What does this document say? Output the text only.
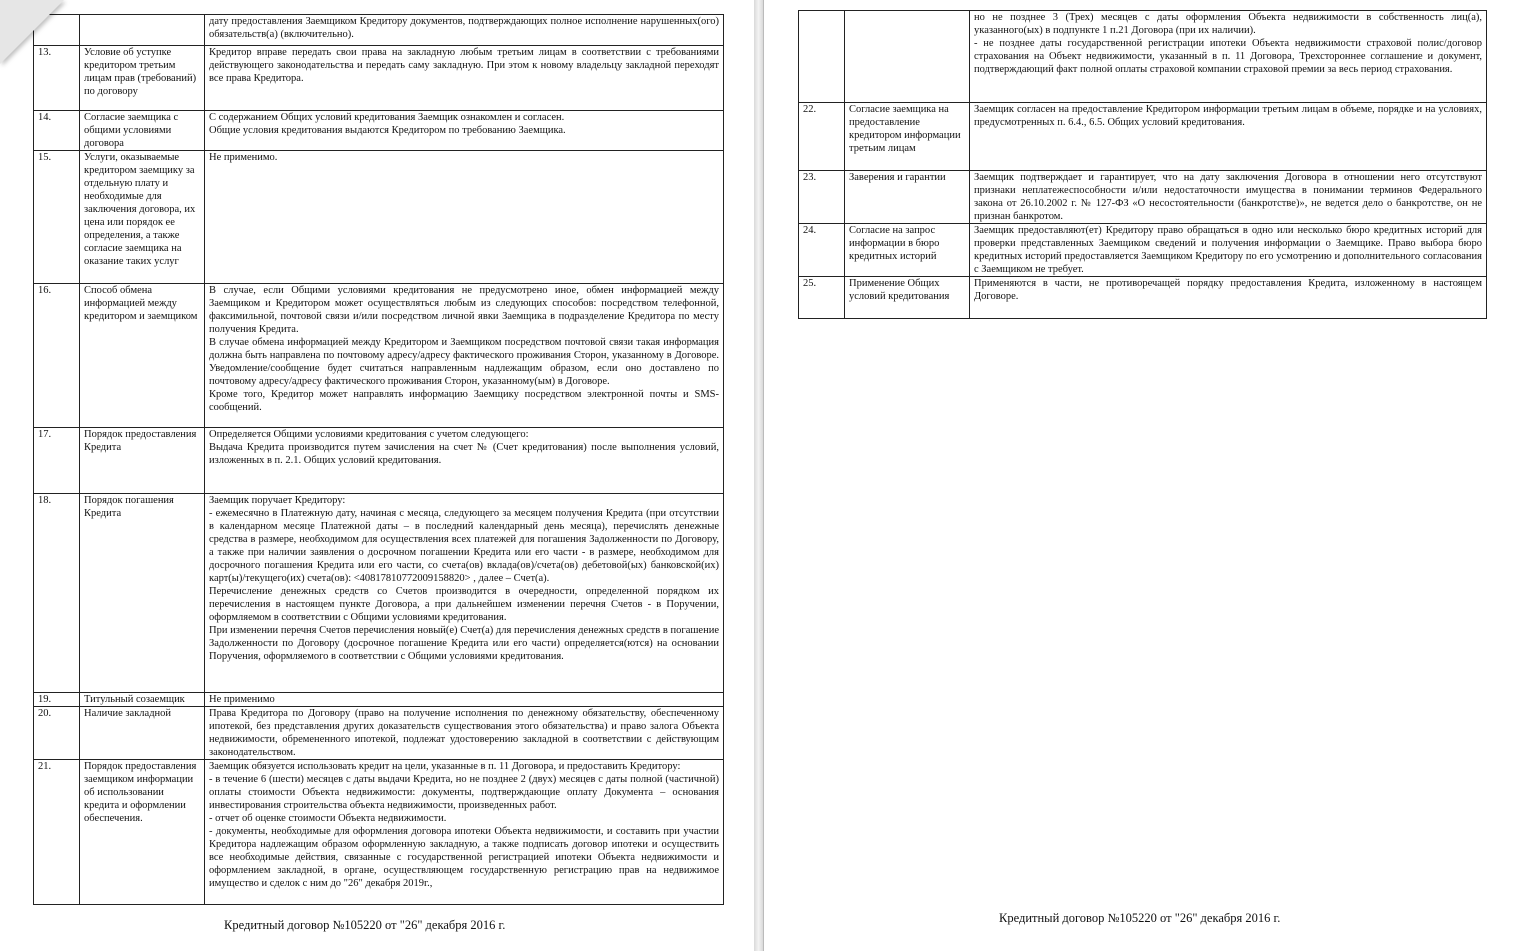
		дату предоставления Заемщиком Кредитору документов, подтверждающих полное исполнение нарушенных(ого) обязательств(а) (включительно).

13.	Условие об уступке кредитором третьим лицам прав (требований) по договору	Кредитор вправе передать свои права на закладную любым третьим лицам в соответствии с требованиями действующего законодательства и передать саму закладную. При этом к новому владельцу закладной переходят все права Кредитора.

14.	Согласие заемщика с общими условиями договора	С содержанием Общих условий кредитования Заемщик ознакомлен и согласен.

Общие условия кредитования выдаются Кредитором по требованию Заемщика.

15.	Услуги, оказываемые кредитором заемщику за отдельную плату и необходимые для заключения договора, их цена или порядок ее определения, а также согласие заемщика на оказание таких услуг	Не применимо.

16.	Способ обмена информацией между кредитором и заемщиком	В случае, если Общими условиями кредитования не предусмотрено иное, обмен информацией между Заемщиком и Кредитором может осуществляться любым из следующих способов: посредством телефонной, факсимильной, почтовой связи и/или посредством личной явки Заемщика в подразделение Кредитора по месту получения Кредита.

В случае обмена информацией между Кредитором и Заемщиком посредством почтовой связи такая информация должна быть направлена по почтовому адресу/адресу фактического проживания Сторон, указанному в Договоре. Уведомление/сообщение будет считаться направленным надлежащим образом, если оно доставлено по почтовому адресу/адресу фактического проживания Сторон, указанному(ым) в Договоре.

Кроме того, Кредитор может направлять информацию Заемщику посредством электронной почты и SMS-сообщений.

17.	Порядок предоставления Кредита	Определяется Общими условиями кредитования с учетом следующего:

Выдача Кредита производится путем зачисления на счет № (Счет кредитования) после выполнения условий, изложенных в п. 2.1. Общих условий кредитования.

18.	Порядок погашения Кредита	Заемщик поручает Кредитору:

- ежемесячно в Платежную дату, начиная с месяца, следующего за месяцем получения Кредита (при отсутствии в календарном месяце Платежной даты – в последний календарный день месяца), перечислять денежные средства в размере, необходимом для осуществления всех платежей для погашения Задолженности по Договору, а также при наличии заявления о досрочном погашении Кредита или его части - в размере, необходимом для досрочного погашения Кредита или его части, со счета(ов) вклада(ов)/счета(ов) дебетовой(ых) банковской(их) карт(ы)/текущего(их) счета(ов): <40817810772009158820> , далее – Счет(а).

Перечисление денежных средств со Счетов производится в очередности, определенной порядком их перечисления в настоящем пункте Договора, а при дальнейшем изменении перечня Счетов - в Поручении, оформляемом в соответствии с Общими условиями кредитования.

При изменении перечня Счетов перечисления новый(е) Счет(а) для перечисления денежных средств в погашение Задолженности по Договору (досрочное погашение Кредита или его части) определяется(ются) на основании Поручения, оформляемого в соответствии с Общими условиями кредитования.

19.	Титульный созаемщик	Не применимо

20.	Наличие закладной	Права Кредитора по Договору (право на получение исполнения по денежному обязательству, обеспеченному ипотекой, без представления других доказательств существования этого обязательства) и право залога Объекта недвижимости, обремененного ипотекой, подлежат удостоверению закладной в соответствии с действующим законодательством.

21.	Порядок предоставления заемщиком информации об использовании кредита и оформлении обеспечения.	Заемщик обязуется использовать кредит на цели, указанные в п. 11 Договора, и предоставить Кредитору:

- в течение 6 (шести) месяцев с даты выдачи Кредита, но не позднее 2 (двух) месяцев с даты полной (частичной) оплаты стоимости Объекта недвижимости: документы, подтверждающие оплату Документа – основания инвестирования строительства объекта недвижимости, произведенных работ.

- отчет об оценке стоимости Объекта недвижимости.

- документы, необходимые для оформления договора ипотеки Объекта недвижимости, и составить при участии Кредитора надлежащим образом оформленную закладную, а также подписать договор ипотеки и осуществить все необходимые действия, связанные с государственной регистрацией ипотеки Объекта недвижимости и оформлением закладной, в органе, осуществляющем государственную регистрацию прав на недвижимое имущество и сделок с ним до "26" декабря 2019г.,

Кредитный договор №105220 от "26" декабря 2016 г.	Кредитный договор №105220 от "26" декабря 2016 г.

		но не позднее 3 (Трех) месяцев с даты оформления Объекта недвижимости в собственность лиц(а), указанного(ых) в подпункте 1 п.21 Договора (при их наличии).

- не позднее даты государственной регистрации ипотеки Объекта недвижимости страховой полис/договор страхования на Объект недвижимости, указанный в п. 11 Договора, Трехстороннее соглашение и документ, подтверждающий факт полной оплаты страховой компании страховой премии за весь период страхования.

22.	Согласие заемщика на предоставление кредитором информации третьим лицам	Заемщик согласен на предоставление Кредитором информации третьим лицам в объеме, порядке и на условиях, предусмотренных п. 6.4., 6.5. Общих условий кредитования.

23.	Заверения и гарантии	Заемщик подтверждает и гарантирует, что на дату заключения Договора в отношении него отсутствуют признаки неплатежеспособности и/или недостаточности имущества в понимании терминов Федерального закона от 26.10.2002 г. № 127-ФЗ «О несостоятельности (банкротстве)», не ведется дело о банкротстве, он не признан банкротом.

24.	Согласие на запрос информации в бюро кредитных историй	Заемщик предоставляют(ет) Кредитору право обращаться в одно или несколько бюро кредитных историй для проверки представленных Заемщиком сведений и получения информации о Заемщике. Право выбора бюро кредитных историй предоставляется Заемщиком Кредитору по его усмотрению и дополнительного согласования с Заемщиком не требует.

25.	Применение Общих условий кредитования	Применяются в части, не противоречащей порядку предоставления Кредита, изложенному в настоящем Договоре.
